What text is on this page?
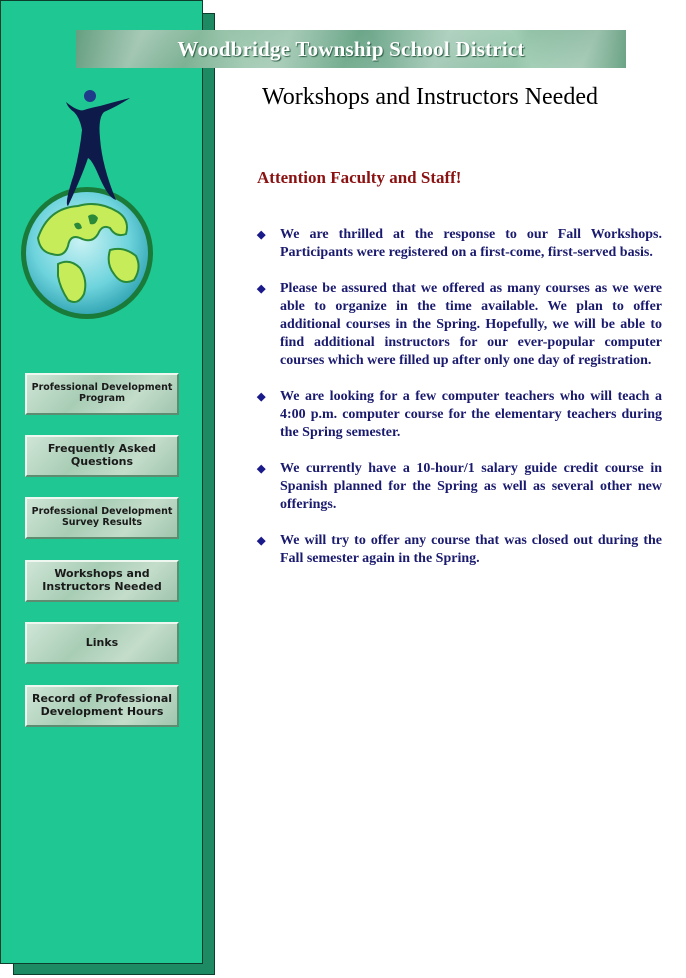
Woodbridge Township School District
Professional Development
Program
Frequently Asked
Questions
Professional Development
Survey Results
Workshops and
Instructors Needed
Links
Record of Professional
Development Hours
Workshops and Instructors Needed
Attention Faculty and Staff!
◆ We are thrilled at the response to our Fall Workshops. Participants were registered on a first-come, first-served basis.
◆ Please be assured that we offered as many courses as we were able to organize in the time available. We plan to offer additional courses in the Spring. Hopefully, we will be able to find additional instructors for our ever-popular computer courses which were filled up after only one day of registration.
◆ We are looking for a few computer teachers who will teach a 4:00 p.m. computer course for the elementary teachers during the Spring semester.
◆ We currently have a 10-hour/1 salary guide credit course in Spanish planned for the Spring as well as several other new offerings.
◆ We will try to offer any course that was closed out during the Fall semester again in the Spring.
